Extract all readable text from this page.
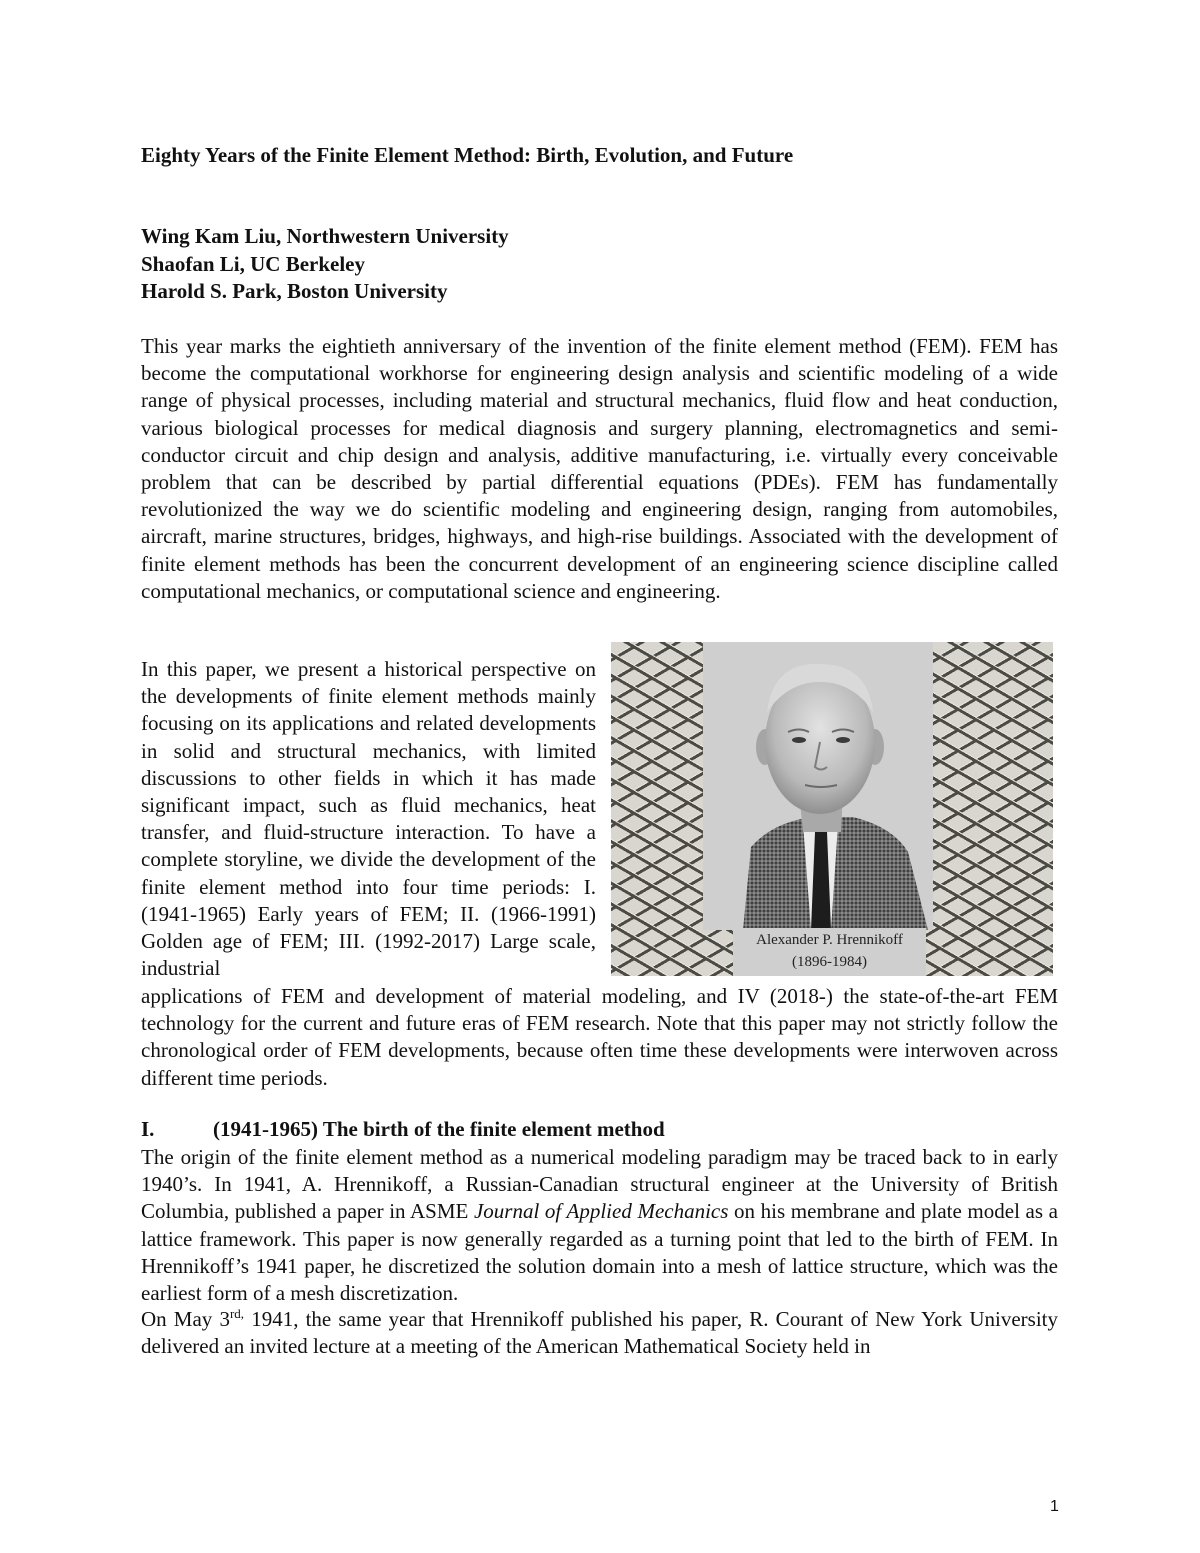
Eighty Years of the Finite Element Method: Birth, Evolution, and Future
Wing Kam Liu, Northwestern University
Shaofan Li, UC Berkeley
Harold S. Park, Boston University

This year marks the eightieth anniversary of the invention of the finite element method (FEM). FEM has become the computational workhorse for engineering design analysis and scientific modeling of a wide range of physical processes, including material and structural mechanics, fluid flow and heat conduction, various biological processes for medical diagnosis and surgery planning, electromagnetics and semi-conductor circuit and chip design and analysis, additive manufacturing, i.e. virtually every conceivable problem that can be described by partial differential equations (PDEs). FEM has fundamentally revolutionized the way we do scientific modeling and engineering design, ranging from automobiles, aircraft, marine structures, bridges, highways, and high-rise buildings. Associated with the development of finite element methods has been the concurrent development of an engineering science discipline called computational mechanics, or computational science and engineering.

In this paper, we present a historical perspective on the developments of finite element methods mainly focusing on its applications and related developments in solid and structural mechanics, with limited discussions to other fields in which it has made significant impact, such as fluid mechanics, heat transfer, and fluid-structure interaction. To have a complete storyline, we divide the development of the finite element method into four time periods: I. (1941-1965) Early years of FEM; II. (1966-1991) Golden age of FEM; III. (1992-2017) Large scale, industrial

Alexander P. Hrennikoff
(1896-1984)

applications of FEM and development of material modeling, and IV (2018-) the state-of-the-art FEM technology for the current and future eras of FEM research. Note that this paper may not strictly follow the chronological order of FEM developments, because often time these developments were interwoven across different time periods.

I.	(1941-1965) The birth of the finite element method

The origin of the finite element method as a numerical modeling paradigm may be traced back to in early 1940’s. In 1941, A. Hrennikoff, a Russian-Canadian structural engineer at the University of British Columbia, published a paper in ASME Journal of Applied Mechanics on his membrane and plate model as a lattice framework. This paper is now generally regarded as a turning point that led to the birth of FEM. In Hrennikoff’s 1941 paper, he discretized the solution domain into a mesh of lattice structure, which was the earliest form of a mesh discretization.

On May $3^{rd,}$ 1941, the same year that Hrennikoff published his paper, R. Courant of New York University delivered an invited lecture at a meeting of the American Mathematical Society held in

1
